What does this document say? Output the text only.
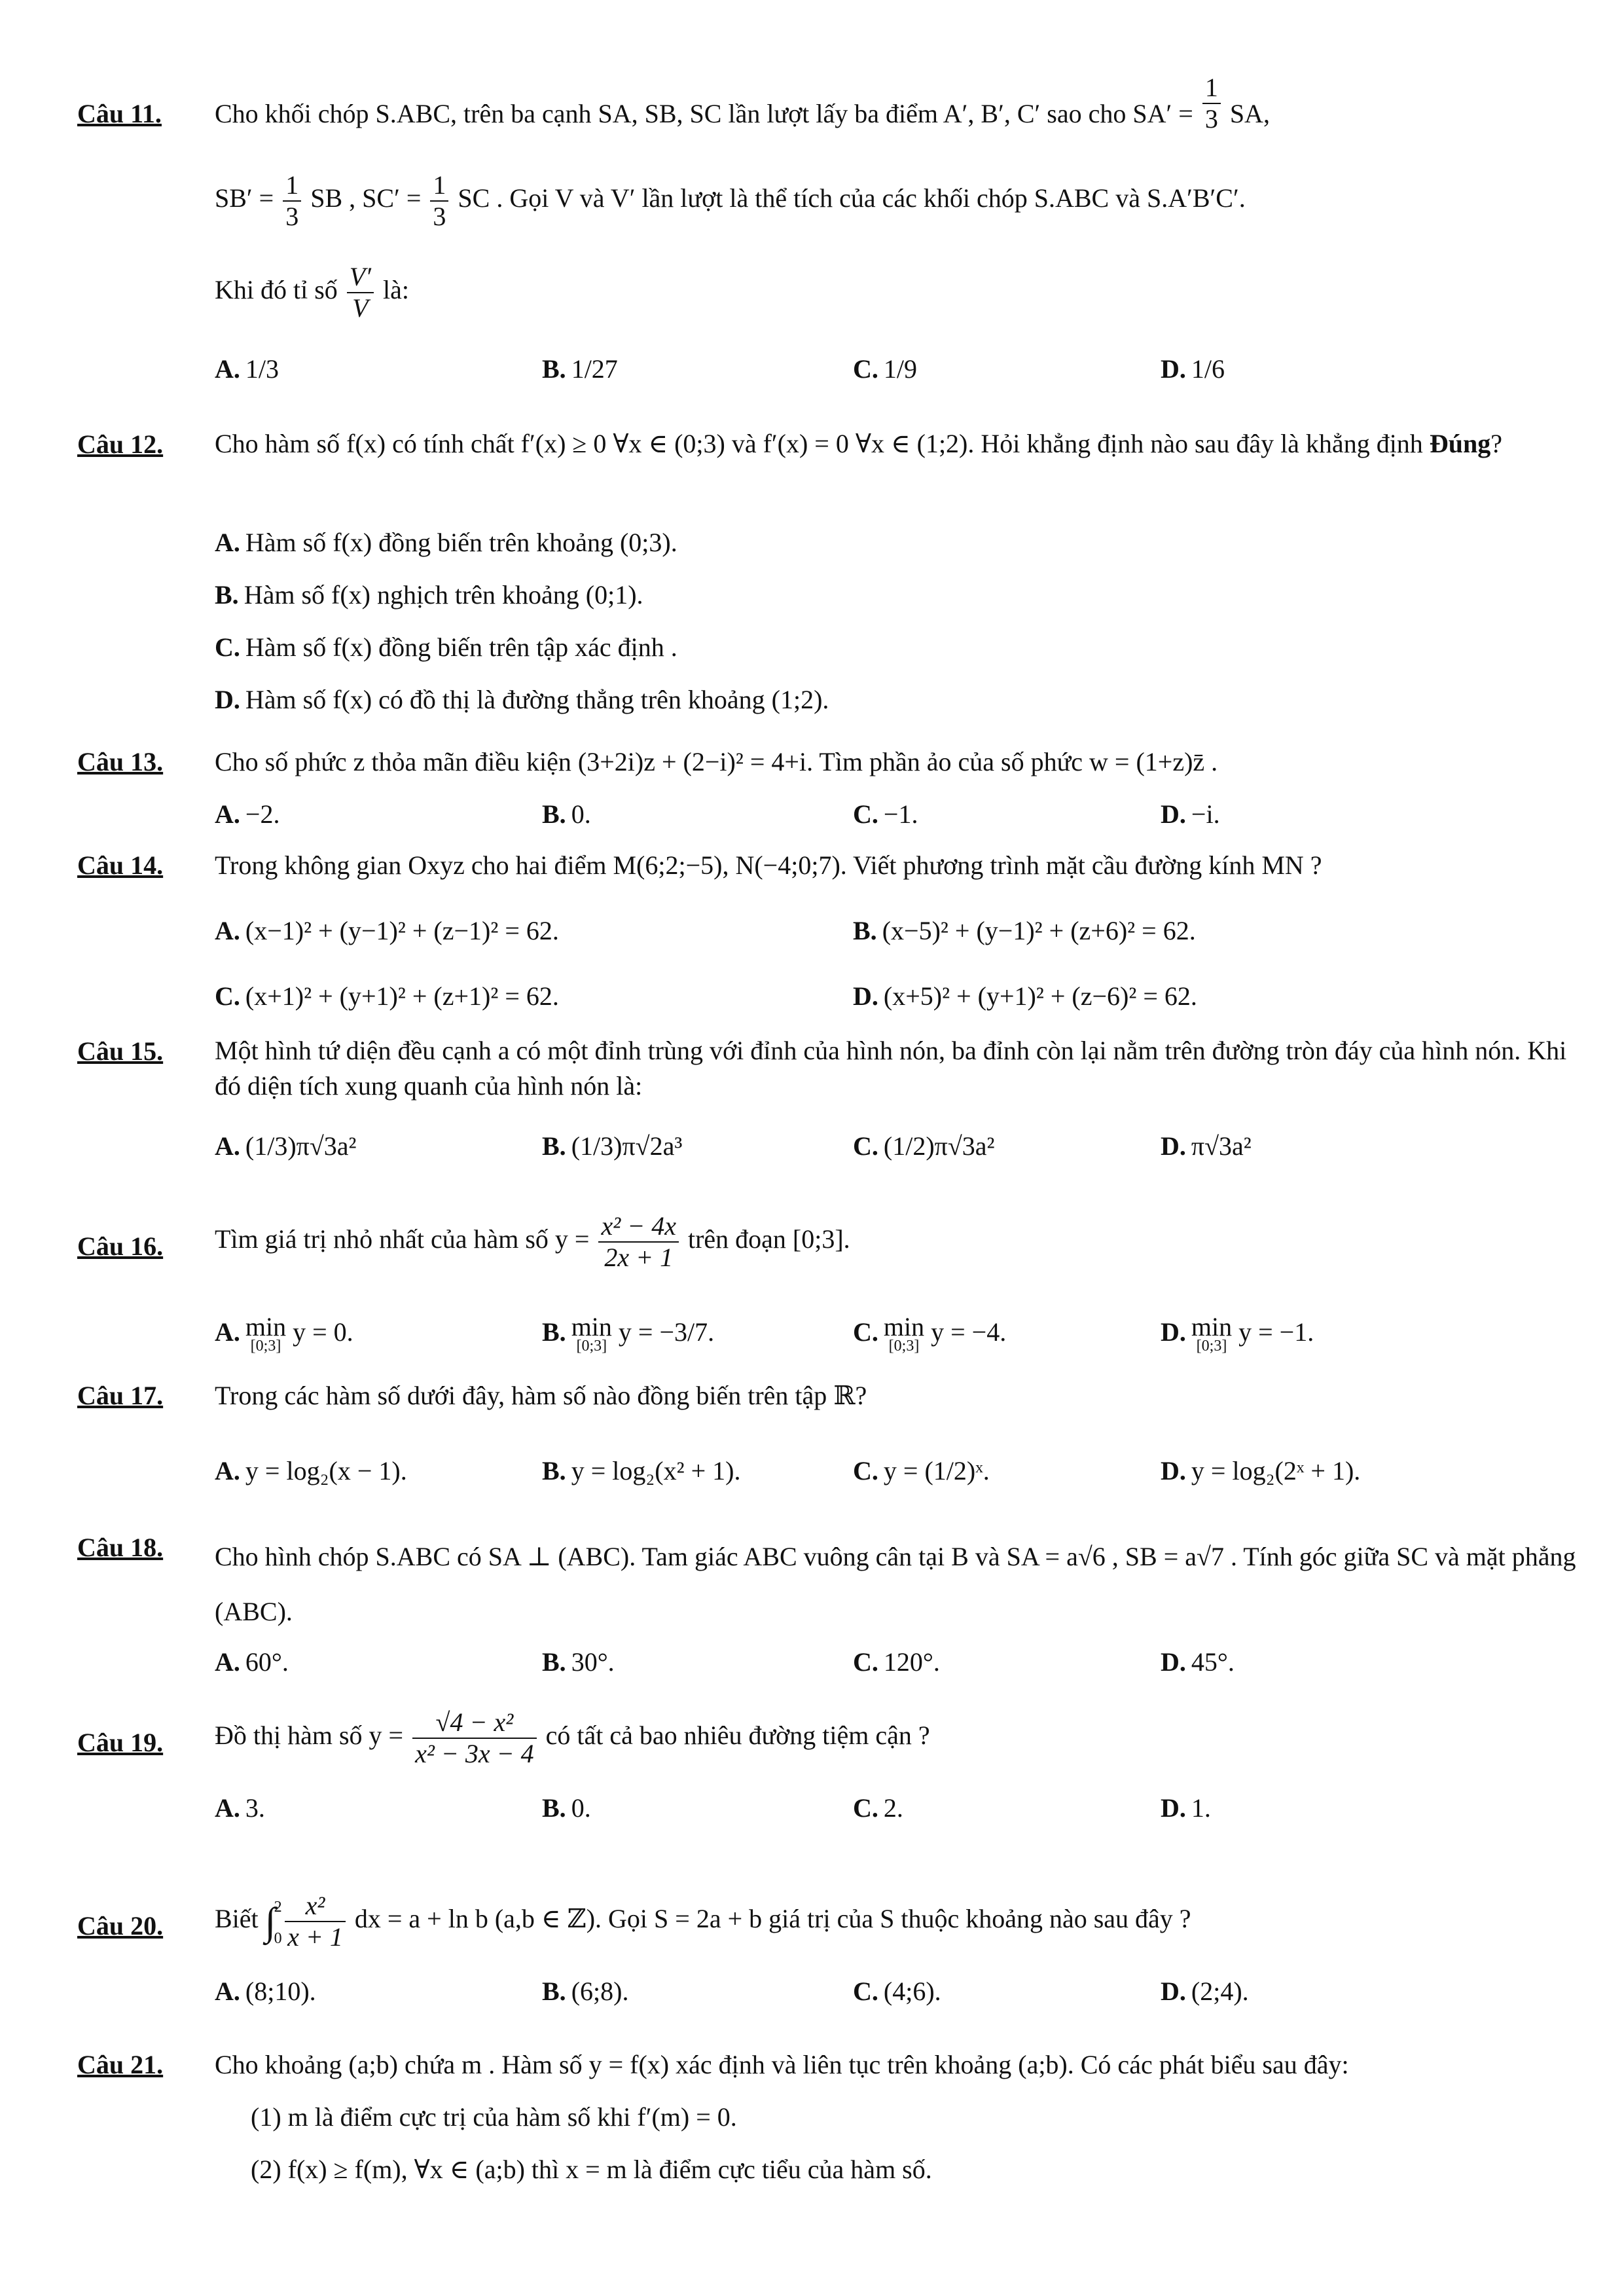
Câu 11. Cho khối chóp S.ABC, trên ba cạnh SA, SB, SC lần lượt lấy ba điểm A′, B′, C′ sao cho $SA' = \frac{1}{3}$ SA,
$SB' = \frac{1}{3}$ SB , $SC' = \frac{1}{3}$ SC . Gọi V và V′ lần lượt là thể tích của các khối chóp S.ABC và S.A′B′C′.
Khi đó tỉ số $\frac{V'}{V}$ là:
A. 1/3	B. 1/27	C. 1/9	D. 1/6
Câu 12. Cho hàm số f(x) có tính chất f′(x) ≥ 0 ∀x ∈ (0;3) và f′(x) = 0 ∀x ∈ (1;2). Hỏi khẳng định nào sau đây là khẳng định Đúng?
A. Hàm số f(x) đồng biến trên khoảng (0;3).
B. Hàm số f(x) nghịch trên khoảng (0;1).
C. Hàm số f(x) đồng biến trên tập xác định .
D. Hàm số f(x) có đồ thị là đường thẳng trên khoảng (1;2).
Câu 13. Cho số phức z thỏa mãn điều kiện (3+2i)z + (2−i)² = 4+i. Tìm phần ảo của số phức w = (1+z)z̄ .
A. −2.	B. 0.	C. −1.	D. −i.
Câu 14. Trong không gian Oxyz cho hai điểm M(6;2;−5), N(−4;0;7). Viết phương trình mặt cầu đường kính MN ?
A. (x−1)² + (y−1)² + (z−1)² = 62.	B. (x−5)² + (y−1)² + (z+6)² = 62.
C. (x+1)² + (y+1)² + (z+1)² = 62.	D. (x+5)² + (y+1)² + (z−6)² = 62.
Câu 15. Một hình tứ diện đều cạnh a có một đỉnh trùng với đỉnh của hình nón, ba đỉnh còn lại nằm trên đường tròn đáy của hình nón. Khi đó diện tích xung quanh của hình nón là:
A. (1/3)π√3a²	B. (1/3)π√2a³	C. (1/2)π√3a²	D. π√3a²
Câu 16. Tìm giá trị nhỏ nhất của hàm số $y = \frac{\text{x² − 4x}}{2x + 1}$ trên đoạn [0;3].
A. min
[0;3] y = 0.	B. min
[0;3] y = −3/7.	C. min
[0;3] y = −4.	D. min
[0;3] y = −1.
Câu 17. Trong các hàm số dưới đây, hàm số nào đồng biến trên tập ℝ?
A. y = log₂(x − 1).	B. y = log₂(x² + 1).	C. y = (1/2)ˣ.	D. y = log₂(2ˣ + 1).
Câu 18. Cho hình chóp S.ABC có SA ⊥ (ABC). Tam giác ABC vuông cân tại B và SA = a√6 , SB = a√7 . Tính góc giữa SC và mặt phẳng (ABC).
A. 60°.	B. 30°.	C. 120°.	D. 45°.
Câu 19. Đồ thị hàm số $y = \frac{\text{√4 − x²}}{\text{x² − 3x − 4}}$ có tất cả bao nhiêu đường tiệm cận ?
A. 3.	B. 0.	C. 2.	D. 1.
Câu 20. Biết ∫
2
0
$\frac{\text{x²}}{x + 1}$ dx = a + ln b (a,b ∈ ℤ). Gọi S = 2a + b giá trị của S thuộc khoảng nào sau đây ?
A. (8;10).	B. (6;8).	C. (4;6).	D. (2;4).
Câu 21. Cho khoảng (a;b) chứa m . Hàm số y = f(x) xác định và liên tục trên khoảng (a;b). Có các phát biểu sau đây:
(1) m là điểm cực trị của hàm số khi f′(m) = 0.
(2) f(x) ≥ f(m), ∀x ∈ (a;b) thì x = m là điểm cực tiểu của hàm số.
